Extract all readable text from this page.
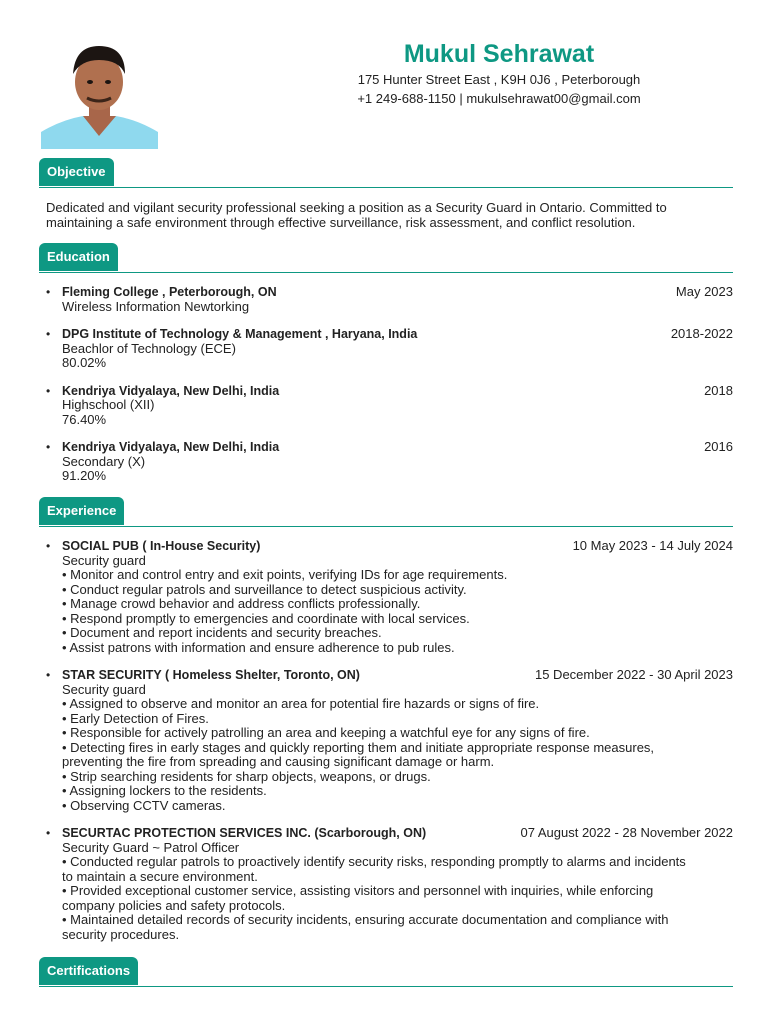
Mukul Sehrawat
175 Hunter Street East , K9H 0J6 , Peterborough
+1 249-688-1150 | mukulsehrawat00@gmail.com
Objective
Dedicated and vigilant security professional seeking a position as a Security Guard in Ontario. Committed to maintaining a safe environment through effective surveillance, risk assessment, and conflict resolution.
Education
• Fleming College , Peterborough, ON	May 2023
Wireless Information Newtorking
• DPG Institute of Technology & Management , Haryana, India	2018-2022
Beachlor of Technology (ECE)
80.02%
• Kendriya Vidyalaya, New Delhi, India	2018
Highschool (XII)
76.40%
• Kendriya Vidyalaya, New Delhi, India	2016
Secondary (X)
91.20%
Experience
• SOCIAL PUB ( In-House Security)	10 May 2023 - 14 July 2024
Security guard
• Monitor and control entry and exit points, verifying IDs for age requirements.
• Conduct regular patrols and surveillance to detect suspicious activity.
• Manage crowd behavior and address conflicts professionally.
• Respond promptly to emergencies and coordinate with local services.
• Document and report incidents and security breaches.
• Assist patrons with information and ensure adherence to pub rules.
• STAR SECURITY ( Homeless Shelter, Toronto, ON)	15 December 2022 - 30 April 2023
Security guard
• Assigned to observe and monitor an area for potential fire hazards or signs of fire.
• Early Detection of Fires.
• Responsible for actively patrolling an area and keeping a watchful eye for any signs of fire.
• Detecting fires in early stages and quickly reporting them and initiate appropriate response measures,
preventing the fire from spreading and causing significant damage or harm.
• Strip searching residents for sharp objects, weapons, or drugs.
• Assigning lockers to the residents.
• Observing CCTV cameras.
• SECURTAC PROTECTION SERVICES INC. (Scarborough, ON)	07 August 2022 - 28 November 2022
Security Guard ~ Patrol Officer
• Conducted regular patrols to proactively identify security risks, responding promptly to alarms and incidents
to maintain a secure environment.
• Provided exceptional customer service, assisting visitors and personnel with inquiries, while enforcing
company policies and safety protocols.
• Maintained detailed records of security incidents, ensuring accurate documentation and compliance with
security procedures.
Certifications
